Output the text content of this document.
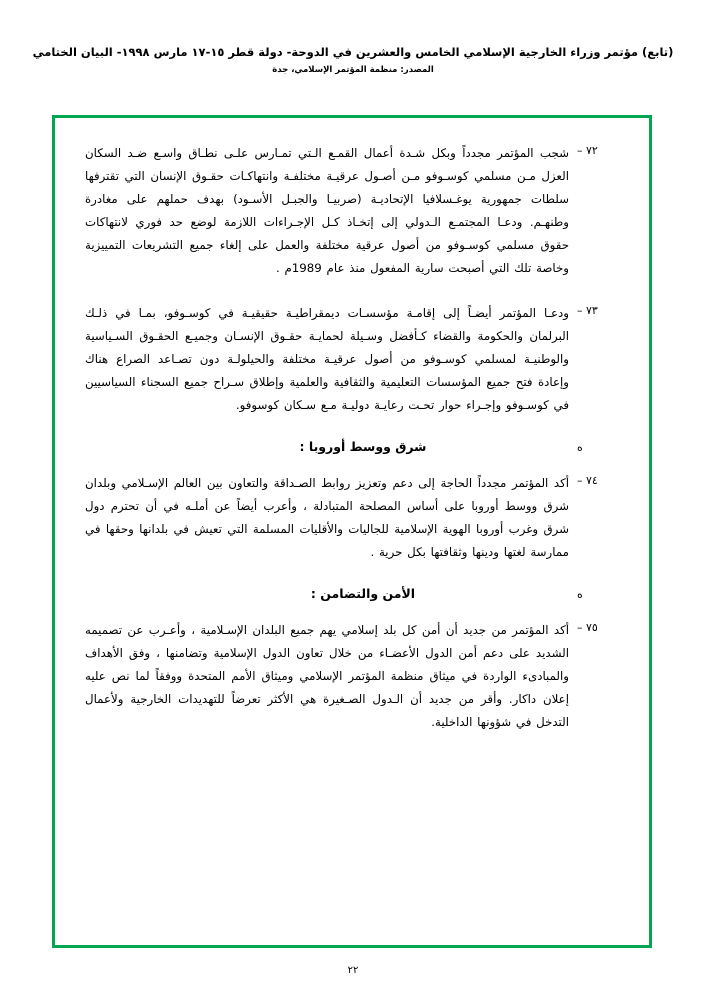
(تابع) مؤتمر وزراء الخارجية الإسلامي الخامس والعشرين في الدوحة- دولة قطر ١٥-١٧ مارس ١٩٩٨- البيان الختامي
المصدر: منظمة المؤتمر الإسلامي، جدة
٧٢ –
شجب المؤتمر مجدداً وبكل شـدة أعمال القمـع الـتي تمـارس علـى نطـاق واسـع ضـد السكان العزل مـن مسلمي كوسـوفو مـن أصـول عرقيـة مختلفـة وانتهاكـات حقـوق الإنسان التي تقترفها سلطات جمهورية يوغـسلافيا الإتحاديـة (صربيـا والجبـل الأسـود) بهدف حملهم على مغادرة وطنهـم. ودعـا المجتمـع الـدولي إلى إتخـاذ كـل الإجـراءات اللازمة لوضع حد فوري لانتهاكات حقوق مسلمي كوسـوفو من أصول عرقية مختلفة والعمل على إلغاء جميع التشريعات التمييزية وخاصة تلك التي أصبحت سارية المفعول منذ عام 1989م .
٧٣ –
ودعـا المؤتمر أيضـاً إلى إقامـة مؤسسـات ديمقراطيـة حقيقيـة في كوسـوفو، بمـا في ذلـك البرلمان والحكومة والقضاء كـأفضل وسـيلة لحمايـة حقـوق الإنسـان وجميـع الحقـوق السـياسية والوطنيـة لمسلمي كوسـوفو من أصول عرقيـة مختلفة والحيلولـة دون تصـاعد الصراع هناك وإعادة فتح جميع المؤسسات التعليمية والثقافية والعلمية وإطلاق سـراح جميع السجناء السياسيين في كوسـوفو وإجـراء حوار تحـت رعايـة دوليـة مـع سـكان كوسوفو.
ه
شرق ووسط أوروبا :
٧٤ –
أكد المؤتمر مجدداً الحاجة إلى دعم وتعزيز روابط الصـداقة والتعاون بين العالم الإسـلامي وبلدان شرق ووسط أوروبا على أساس المصلحة المتبادلة ، وأعرب أيضاً عن أملـه في أن تحترم دول شرق وغرب أوروبا الهوية الإسلامية للجاليات والأقليات المسلمة التي تعيش في بلدانها وحقها في ممارسة لغتها ودينها وثقافتها بكل حرية .
ه
الأمن والتضامن :
٧٥ –
أكد المؤتمر من جديد أن أمن كل بلد إسلامي يهم جميع البلدان الإسـلامية ، وأعـرب عن تصميمه الشديد على دعم أمن الدول الأعضـاء من خلال تعاون الدول الإسلامية وتضامنها ، وفق الأهداف والمبادىء الواردة في ميثاق منظمة المؤتمر الإسلامي وميثاق الأمم المتحدة ووفقاً لما نص عليه إعلان داكار. وأقر من جديد أن الـدول الصـغيرة هي الأكثر تعرضاً للتهديدات الخارجية ولأعمال التدخل في شؤونها الداخلية.
٢٢
